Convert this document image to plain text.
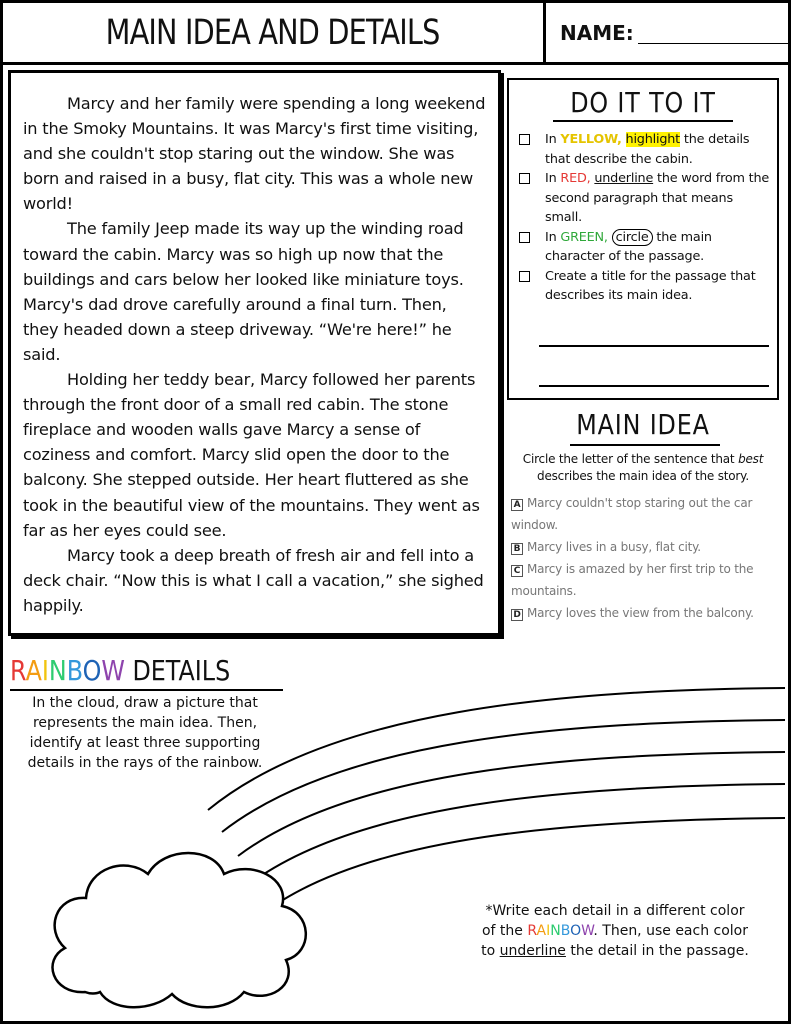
MAIN IDEA AND DETAILS	NAME:

Marcy and her family were spending a long weekend in the Smoky Mountains. It was Marcy's first time visiting, and she couldn't stop staring out the window. She was born and raised in a busy, flat city. This was a whole new world!

The family Jeep made its way up the winding road toward the cabin. Marcy was so high up now that the buildings and cars below her looked like miniature toys. Marcy's dad drove carefully around a final turn. Then, they headed down a steep driveway. “We're here!” he said.

Holding her teddy bear, Marcy followed her parents through the front door of a small red cabin. The stone fireplace and wooden walls gave Marcy a sense of coziness and comfort. Marcy slid open the door to the balcony. She stepped outside. Her heart fluttered as she took in the beautiful view of the mountains. They went as far as her eyes could see.

Marcy took a deep breath of fresh air and fell into a deck chair. “Now this is what I call a vacation,” she sighed happily.

DO IT TO IT
In YELLOW, highlight the details that describe the cabin.
In RED, underline the word from the second paragraph that means small.
In GREEN, circle the main character of the passage.
Create a title for the passage that describes its main idea.
MAIN IDEA
Circle the letter of the sentence that best describes the main idea of the story.
A Marcy couldn't stop staring out the car window.
B Marcy lives in a busy, flat city.
C Marcy is amazed by her first trip to the mountains.
D Marcy loves the view from the balcony.
RAINBOW DETAILS
In the cloud, draw a picture that represents the main idea. Then, identify at least three supporting details in the rays of the rainbow.
*Write each detail in a different color of the RAINBOW. Then, use each color to underline the detail in the passage.
